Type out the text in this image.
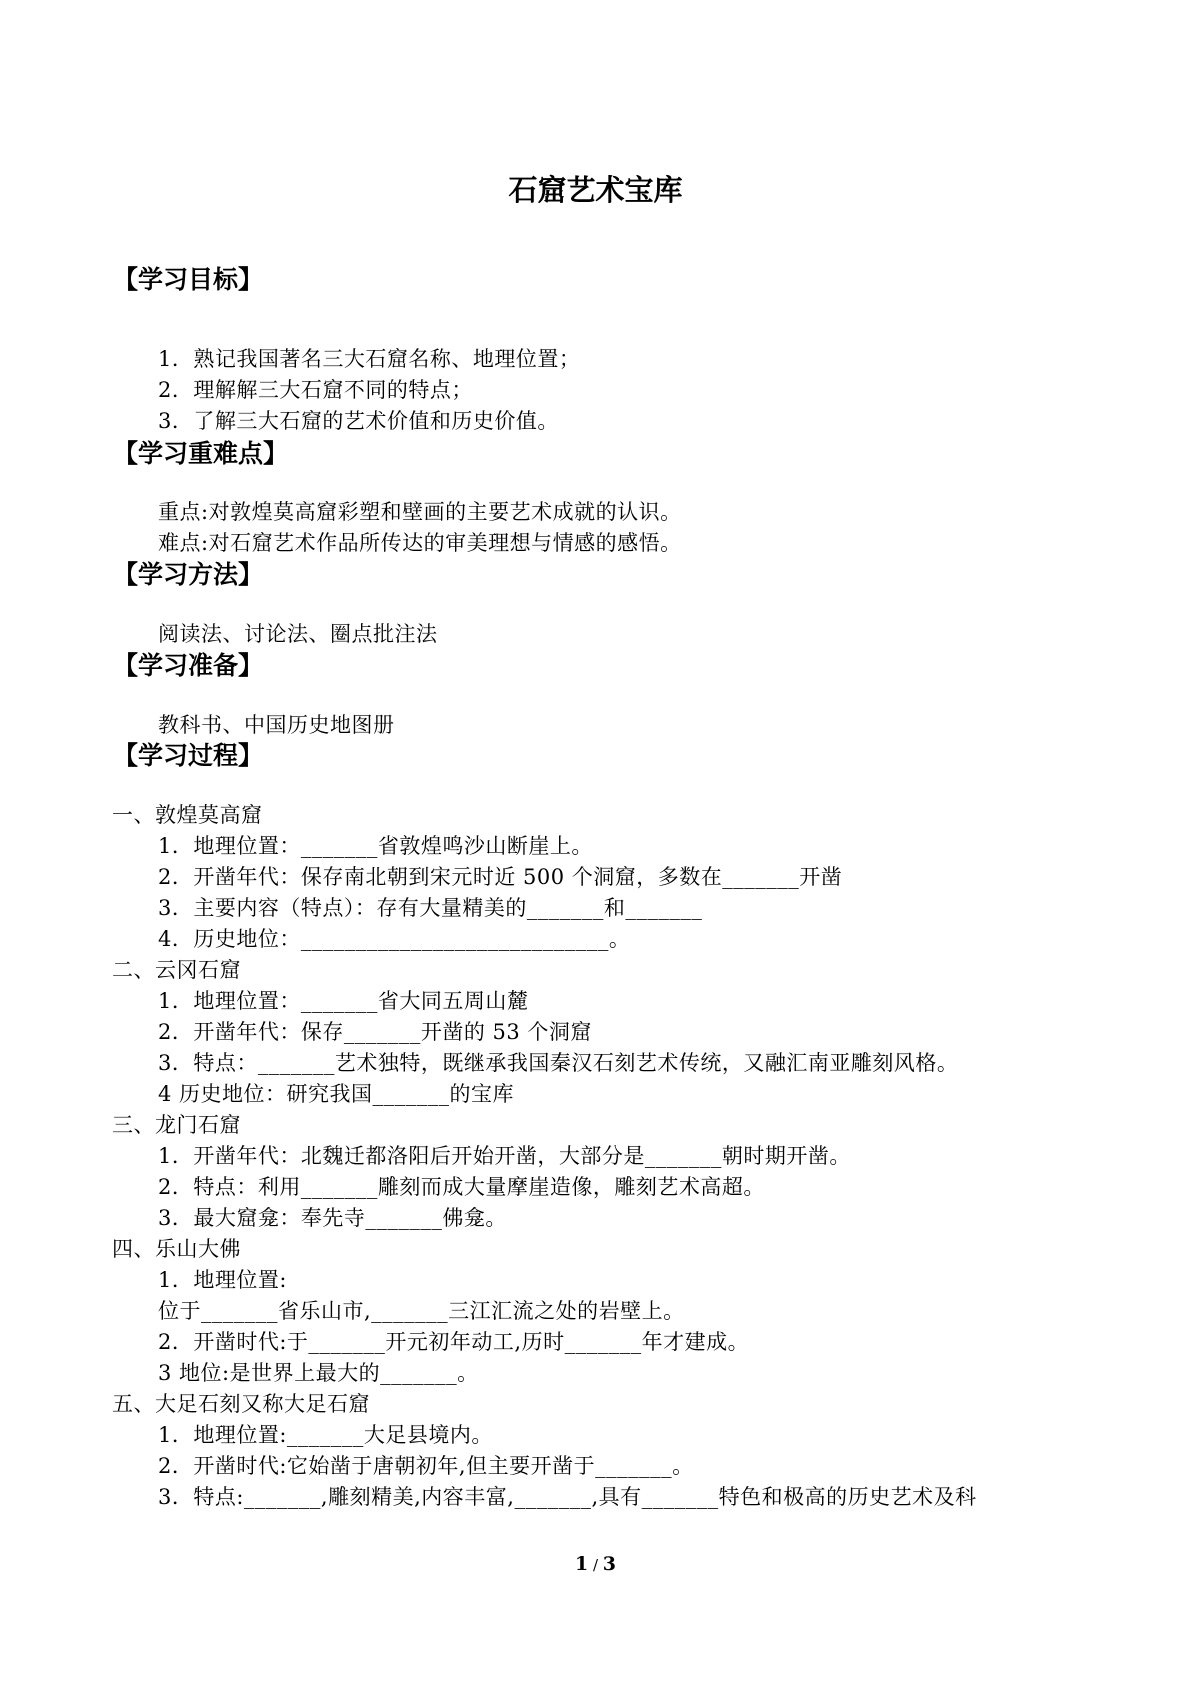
石窟艺术宝库
【学习目标】
1．熟记我国著名三大石窟名称、地理位置；
2．理解解三大石窟不同的特点；
3．了解三大石窟的艺术价值和历史价值。
【学习重难点】
重点:对敦煌莫高窟彩塑和壁画的主要艺术成就的认识。
难点:对石窟艺术作品所传达的审美理想与情感的感悟。
【学习方法】
阅读法、讨论法、圈点批注法
【学习准备】
教科书、中国历史地图册
【学习过程】
一、敦煌莫高窟
1．地理位置：_______省敦煌鸣沙山断崖上。
2．开凿年代：保存南北朝到宋元时近 500 个洞窟，多数在_______开凿
3．主要内容（特点）：存有大量精美的_______和_______
4．历史地位：____________________________。
二、云冈石窟
1．地理位置：_______省大同五周山麓
2．开凿年代：保存_______开凿的 53 个洞窟
3．特点：_______艺术独特，既继承我国秦汉石刻艺术传统，又融汇南亚雕刻风格。
4 历史地位：研究我国_______的宝库
三、龙门石窟
1．开凿年代：北魏迁都洛阳后开始开凿，大部分是_______朝时期开凿。
2．特点：利用_______雕刻而成大量摩崖造像，雕刻艺术高超。
3．最大窟龛：奉先寺_______佛龛。
四、乐山大佛
1．地理位置:
位于_______省乐山市,_______三江汇流之处的岩壁上。
2．开凿时代:于_______开元初年动工,历时_______年才建成。
3 地位:是世界上最大的_______。
五、大足石刻又称大足石窟
1．地理位置:_______大足县境内。
2．开凿时代:它始凿于唐朝初年,但主要开凿于_______。
3．特点:_______,雕刻精美,内容丰富,_______,具有_______特色和极高的历史艺术及科
1 / 3
